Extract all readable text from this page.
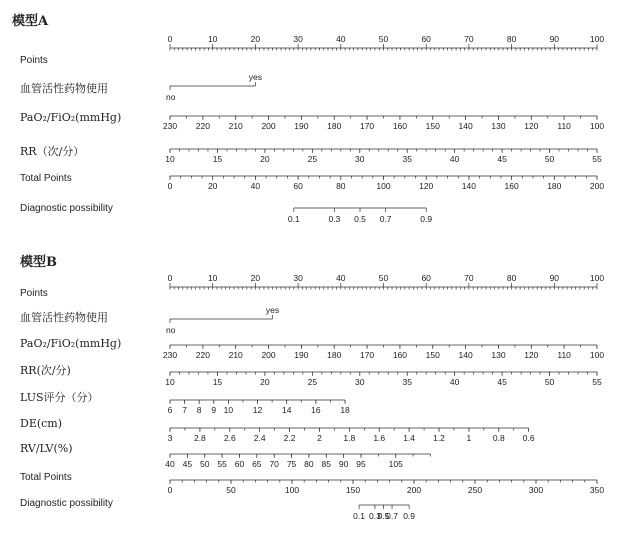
模型A
Points
0	10	20	30	40	50	60	70	80	90	100
血管活性药物使用
yes
no
PaO₂/FiO₂(mmHg)
230 220 210 200 190 180 170 160 150 140 130 120 110 100
RR（次/分）
10	15	20	25	30	35	40	45	50	55
Total Points
0	20	40	60	80	100	120	140	160	180	200
Diagnostic possibility
0.1	0.3 0.5 0.7	0.9
模型B
Points
0	10	20	30	40	50	60	70	80	90	100
血管活性药物使用
yes
no
PaO₂/FiO₂(mmHg)
230 220 210 200 190 180 170 160 150 140 130 120 110 100
RR(次/分)
10	15	20	25	30	35	40	45	50	55
LUS评分（分）
6 7 8 9 10 12 14 16 18
DE(cm)
3	2.8 2.6 2.4 2.2	2	1.8 1.6 1.4 1.2	1	0.8 0.6
RV/LV(%)
40 45 50 55 60 65 70 75 80 85 90 95	105
Total Points
0	50	100	150	200	250	300	350
Diagnostic possibility
0.1 0.3
0.5
0.7 0.9
